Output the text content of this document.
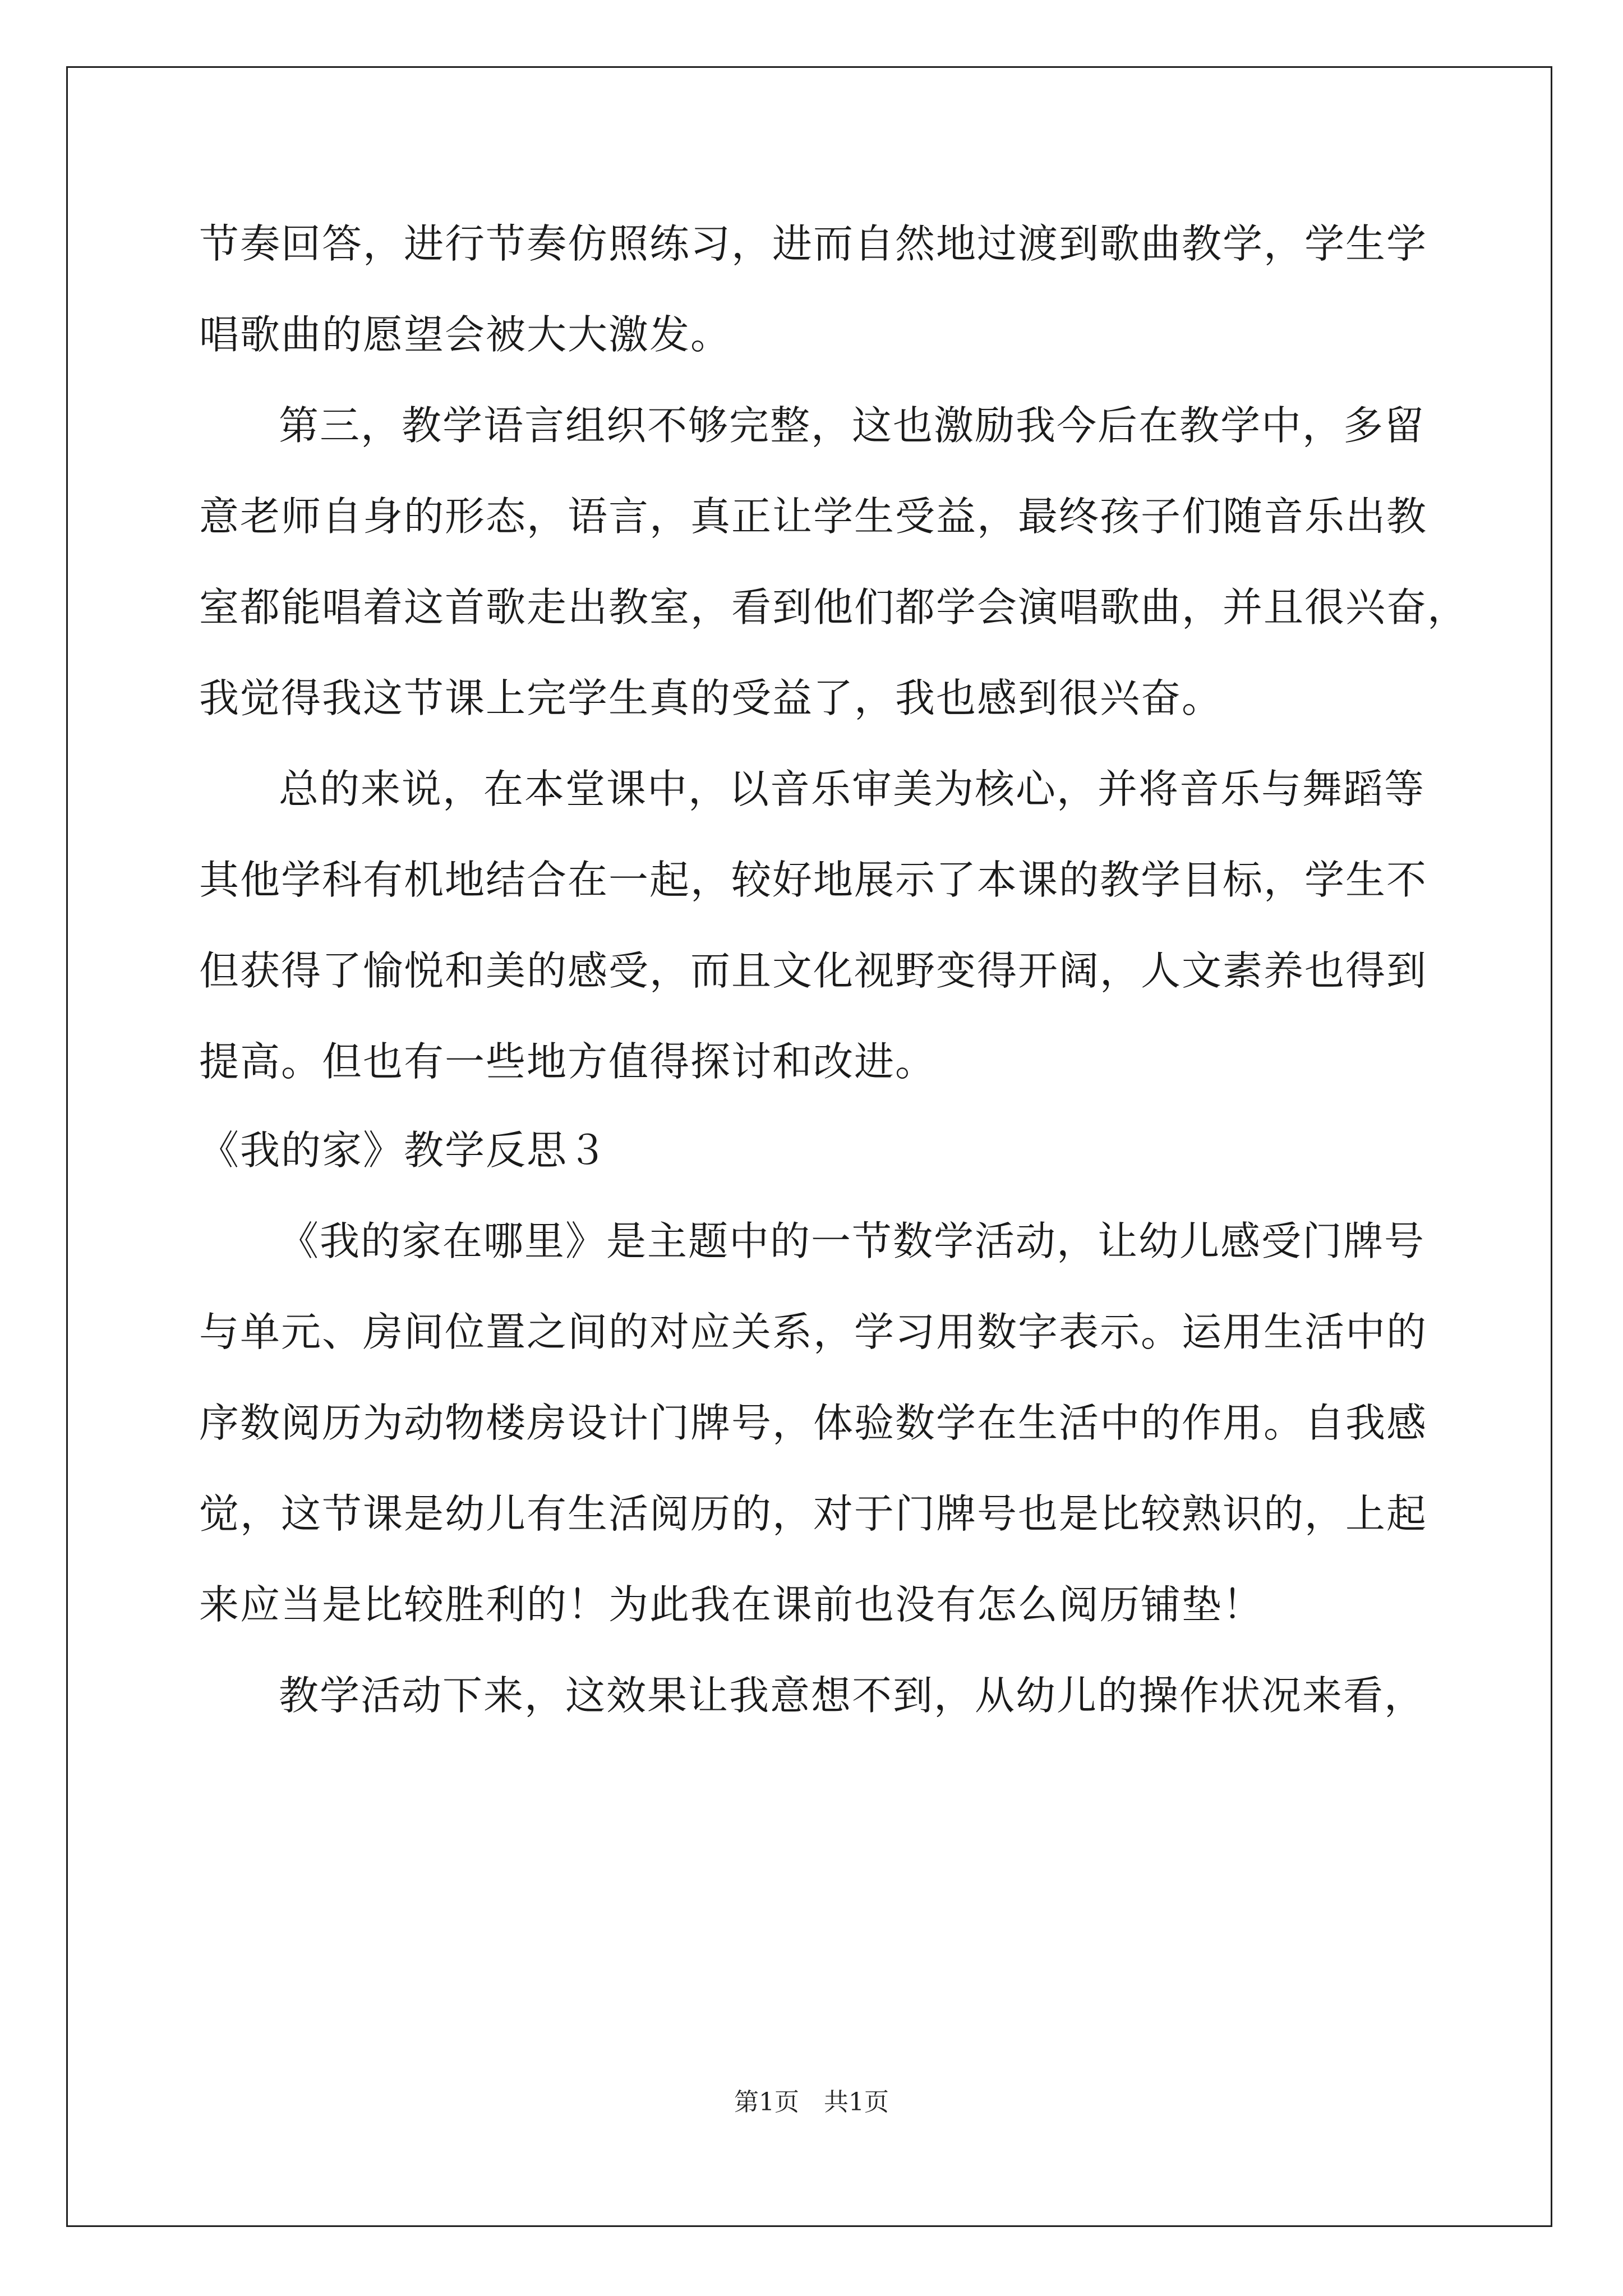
节奏回答，进行节奏仿照练习，进而自然地过渡到歌曲教学，学生学
唱歌曲的愿望会被大大激发。
第三，教学语言组织不够完整，这也激励我今后在教学中，多留
意老师自身的形态，语言，真正让学生受益，最终孩子们随音乐出教
室都能唱着这首歌走出教室，看到他们都学会演唱歌曲，并且很兴奋，
我觉得我这节课上完学生真的受益了，我也感到很兴奋。
总的来说，在本堂课中，以音乐审美为核心，并将音乐与舞蹈等
其他学科有机地结合在一起，较好地展示了本课的教学目标，学生不
但获得了愉悦和美的感受，而且文化视野变得开阔，人文素养也得到
提高。但也有一些地方值得探讨和改进。
《我的家》教学反思３
《我的家在哪里》是主题中的一节数学活动，让幼儿感受门牌号
与单元、房间位置之间的对应关系，学习用数字表示。运用生活中的
序数阅历为动物楼房设计门牌号，体验数学在生活中的作用。自我感
觉，这节课是幼儿有生活阅历的，对于门牌号也是比较熟识的，上起
来应当是比较胜利的！为此我在课前也没有怎么阅历铺垫！
教学活动下来，这效果让我意想不到，从幼儿的操作状况来看，
第1页　共1页
